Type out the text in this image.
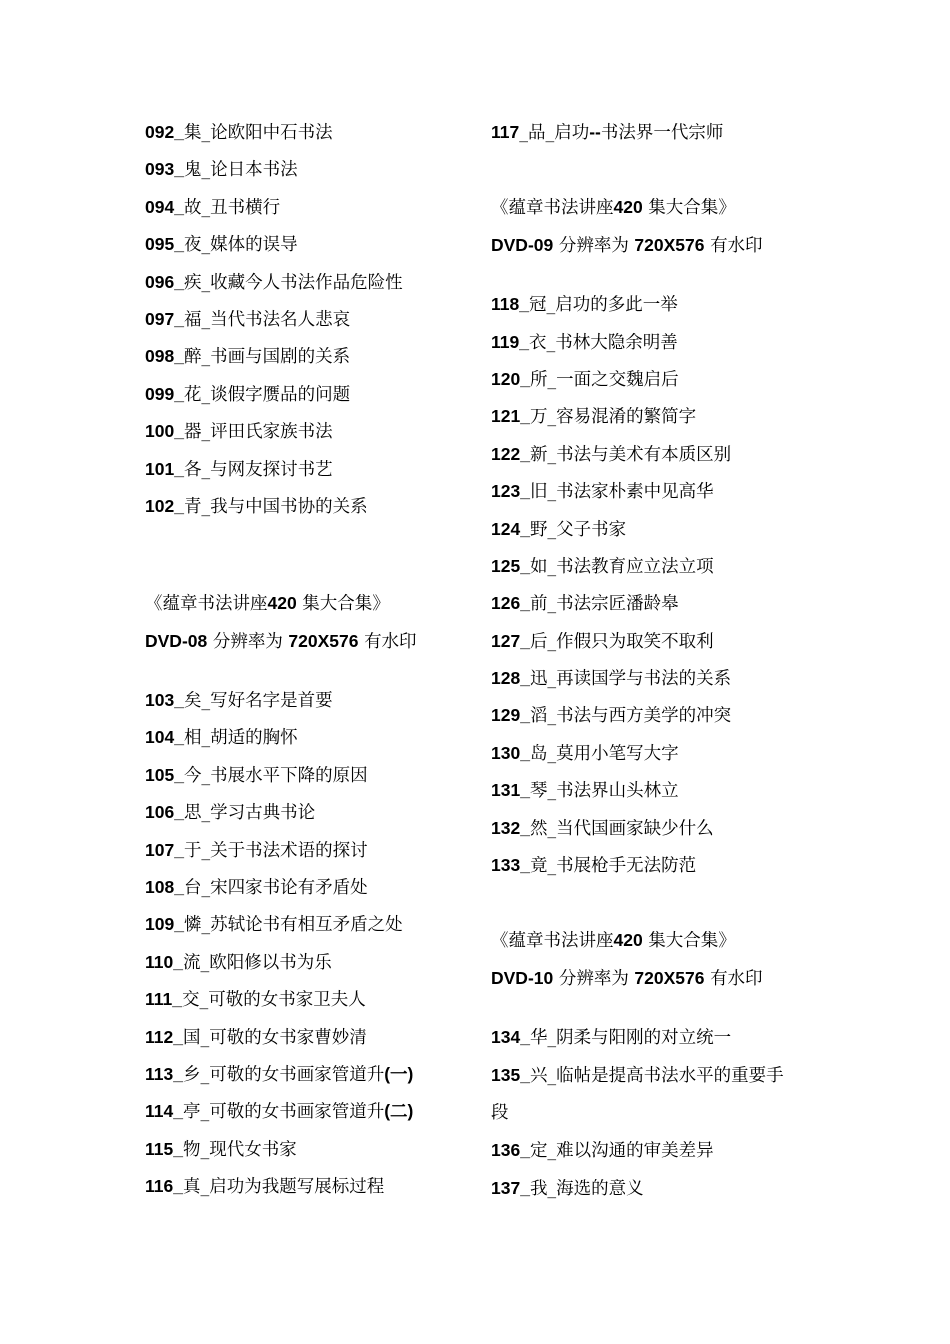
092_集_论欧阳中石书法
093_鬼_论日本书法
094_故_丑书横行
095_夜_媒体的误导
096_疾_收藏今人书法作品危险性
097_福_当代书法名人悲哀
098_醉_书画与国剧的关系
099_花_谈假字赝品的问题
100_器_评田氏家族书法
101_各_与网友探讨书艺
102_青_我与中国书协的关系
《蕴章书法讲座420 集大合集》
DVD-08 分辨率为 720X576 有水印
103_矣_写好名字是首要
104_相_胡适的胸怀
105_今_书展水平下降的原因
106_思_学习古典书论
107_于_关于书法术语的探讨
108_台_宋四家书论有矛盾处
109_憐_苏轼论书有相互矛盾之处
110_流_欧阳修以书为乐
111_交_可敬的女书家卫夫人
112_国_可敬的女书家曹妙清
113_乡_可敬的女书画家管道升(一)
114_亭_可敬的女书画家管道升(二)
115_物_现代女书家
116_真_启功为我题写展标过程
117_品_启功--书法界一代宗师
《蕴章书法讲座420 集大合集》
DVD-09 分辨率为 720X576 有水印
118_冠_启功的多此一举
119_衣_书林大隐余明善
120_所_一面之交魏启后
121_万_容易混淆的繁简字
122_新_书法与美术有本质区别
123_旧_书法家朴素中见高华
124_野_父子书家
125_如_书法教育应立法立项
126_前_书法宗匠潘龄皋
127_后_作假只为取笑不取利
128_迅_再读国学与书法的关系
129_滔_书法与西方美学的冲突
130_岛_莫用小笔写大字
131_琴_书法界山头林立
132_然_当代国画家缺少什么
133_竟_书展枪手无法防范
《蕴章书法讲座420 集大合集》
DVD-10 分辨率为 720X576 有水印
134_华_阴柔与阳刚的对立统一
135_兴_临帖是提高书法水平的重要手段
136_定_难以沟通的审美差异
137_我_海选的意义
